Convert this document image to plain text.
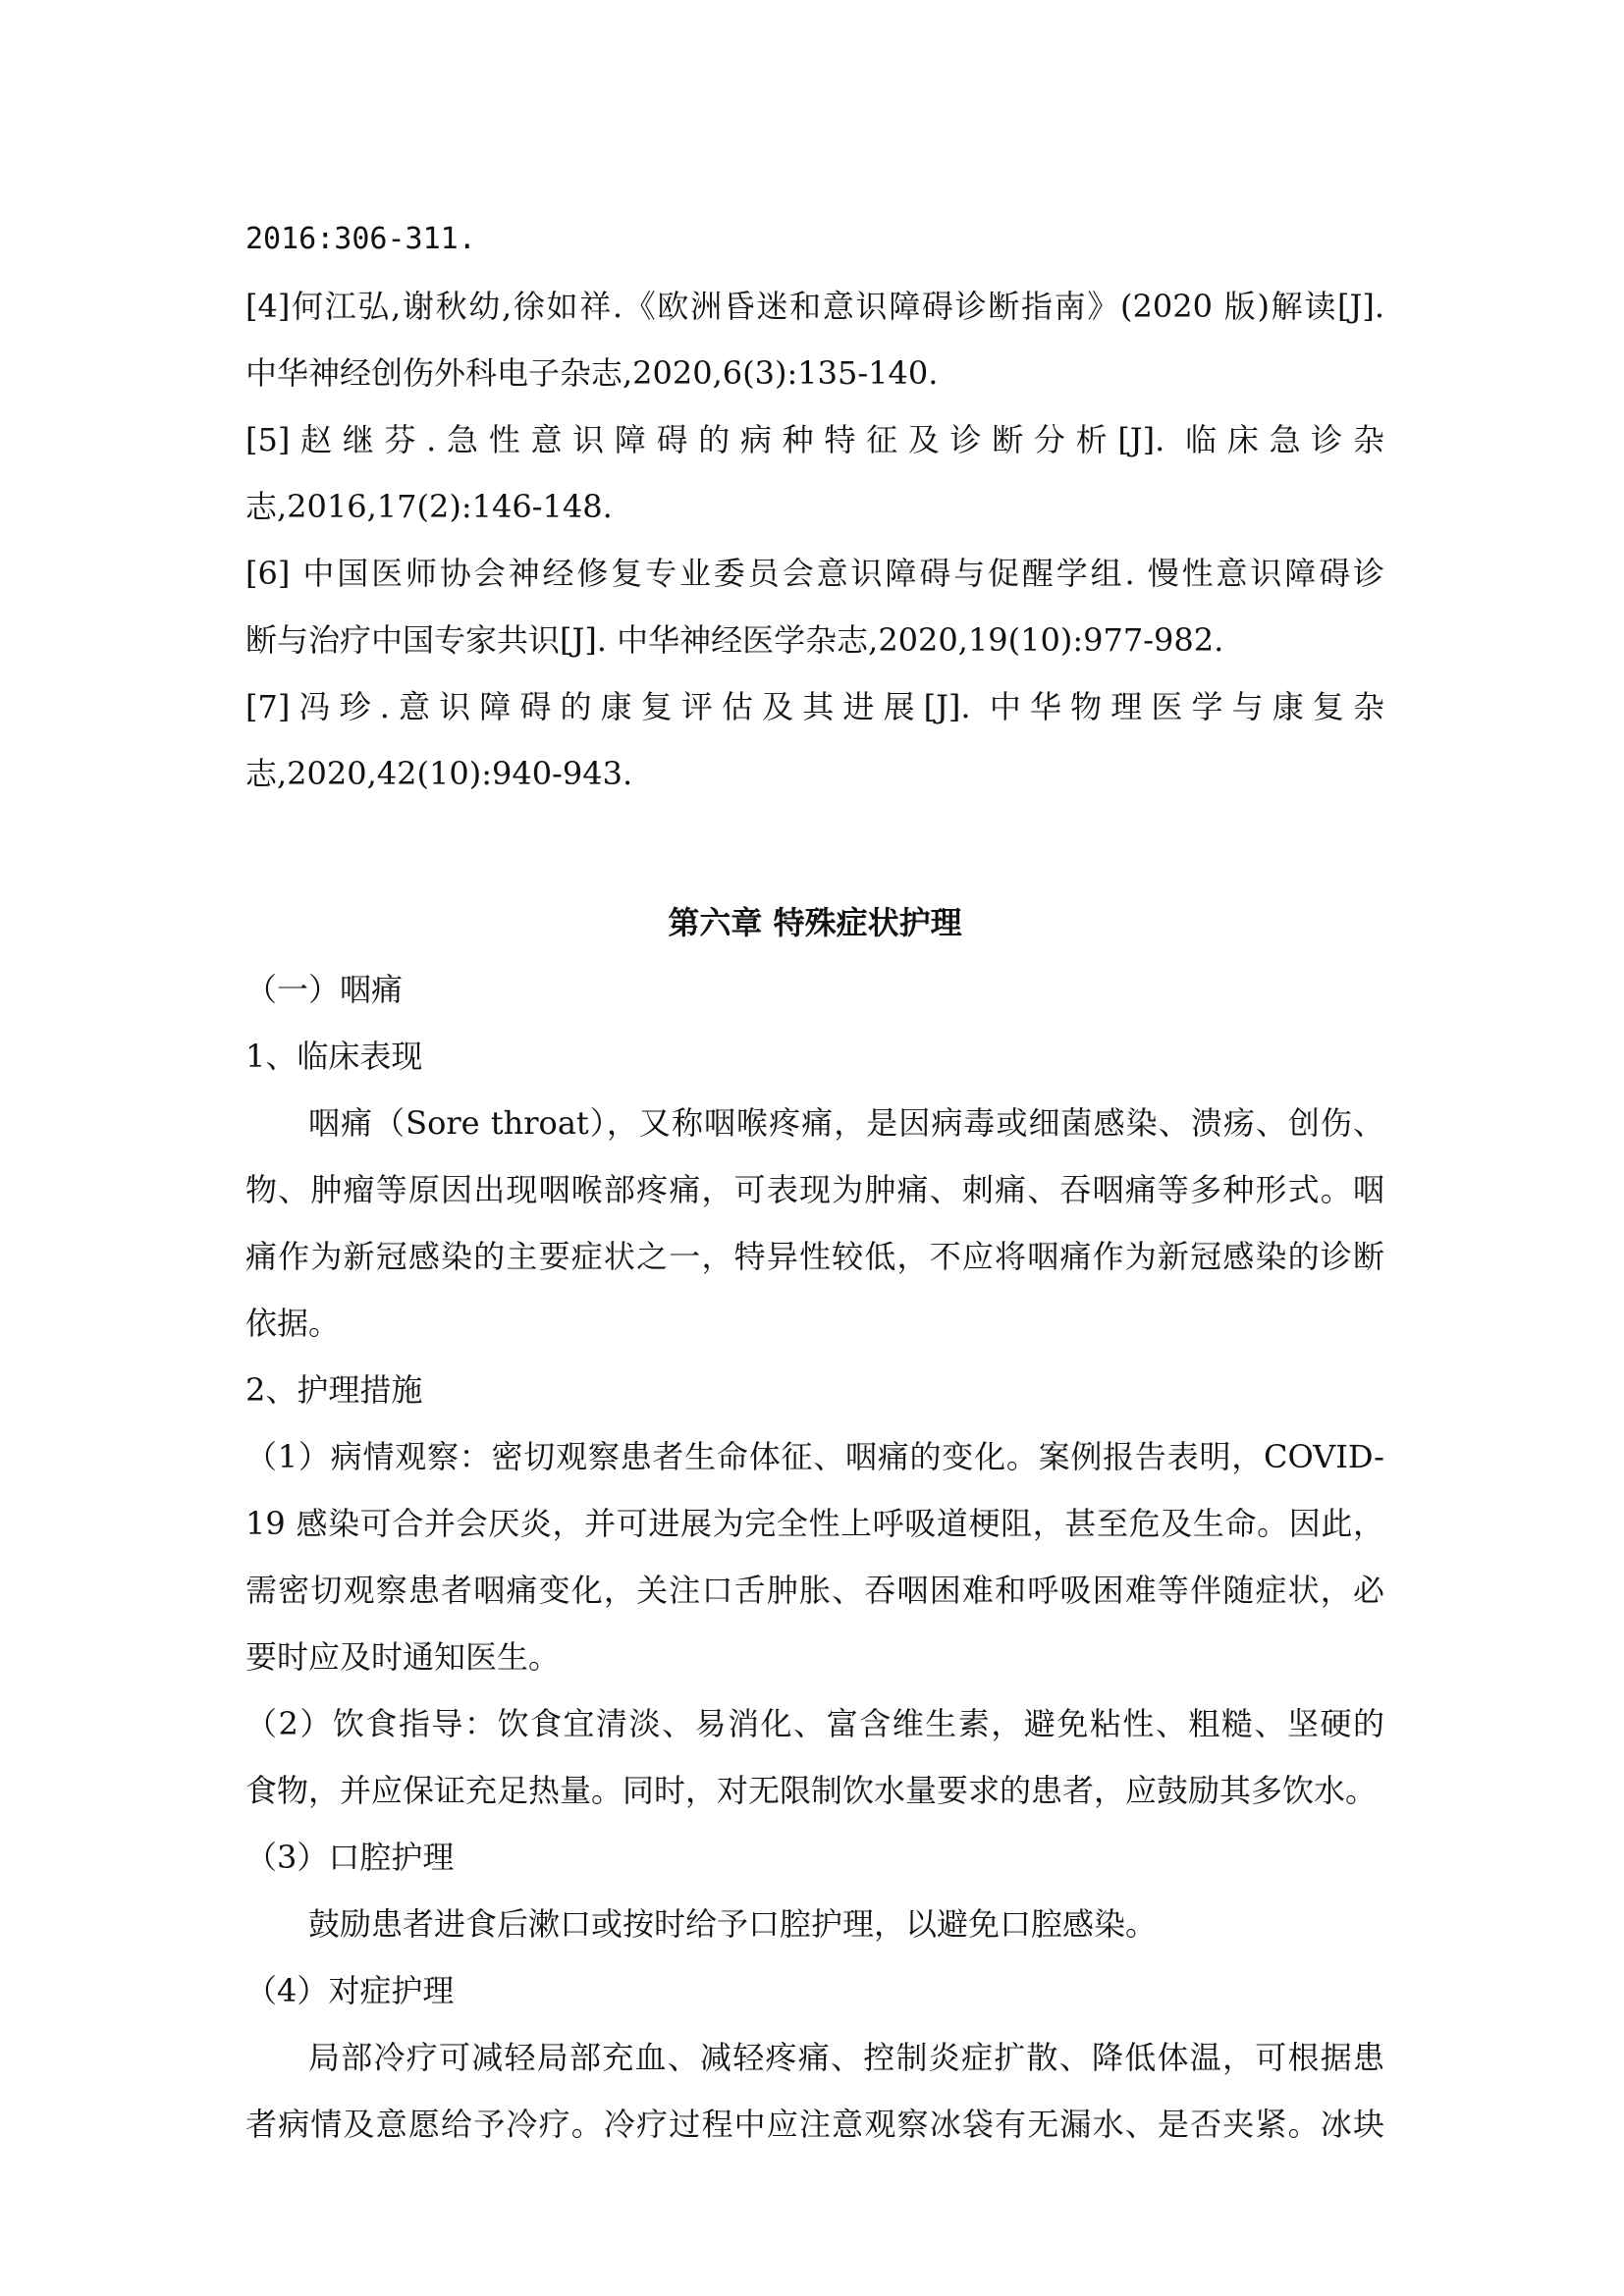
2016:306-311.
[4]何江弘,谢秋幼,徐如祥.《欧洲昏迷和意识障碍诊断指南》(2020 版)解读[J].
中华神经创伤外科电子杂志,2020,6(3):135-140.
[5]赵继芬.急性意识障碍的病种特征及诊断分析[J]. 临床急诊杂
志,2016,17(2):146-148.
[6] 中国医师协会神经修复专业委员会意识障碍与促醒学组. 慢性意识障碍诊
断与治疗中国专家共识[J]. 中华神经医学杂志,2020,19(10):977-982.
[7]冯珍.意识障碍的康复评估及其进展[J]. 中华物理医学与康复杂
志,2020,42(10):940-943.
第六章 特殊症状护理
（一）咽痛
1、临床表现
咽痛（Sore throat），又称咽喉疼痛，是因病毒或细菌感染、溃疡、创伤、
物、肿瘤等原因出现咽喉部疼痛，可表现为肿痛、刺痛、吞咽痛等多种形式。咽
痛作为新冠感染的主要症状之一，特异性较低，不应将咽痛作为新冠感染的诊断
依据。
2、护理措施
（1）病情观察：密切观察患者生命体征、咽痛的变化。案例报告表明，COVID-
19 感染可合并会厌炎，并可进展为完全性上呼吸道梗阻，甚至危及生命。因此，
需密切观察患者咽痛变化，关注口舌肿胀、吞咽困难和呼吸困难等伴随症状，必
要时应及时通知医生。
（2）饮食指导：饮食宜清淡、易消化、富含维生素，避免粘性、粗糙、坚硬的
食物，并应保证充足热量。同时，对无限制饮水量要求的患者，应鼓励其多饮水。
（3）口腔护理
鼓励患者进食后漱口或按时给予口腔护理，以避免口腔感染。
（4）对症护理
局部冷疗可减轻局部充血、减轻疼痛、控制炎症扩散、降低体温，可根据患
者病情及意愿给予冷疗。冷疗过程中应注意观察冰袋有无漏水、是否夹紧。冰块
